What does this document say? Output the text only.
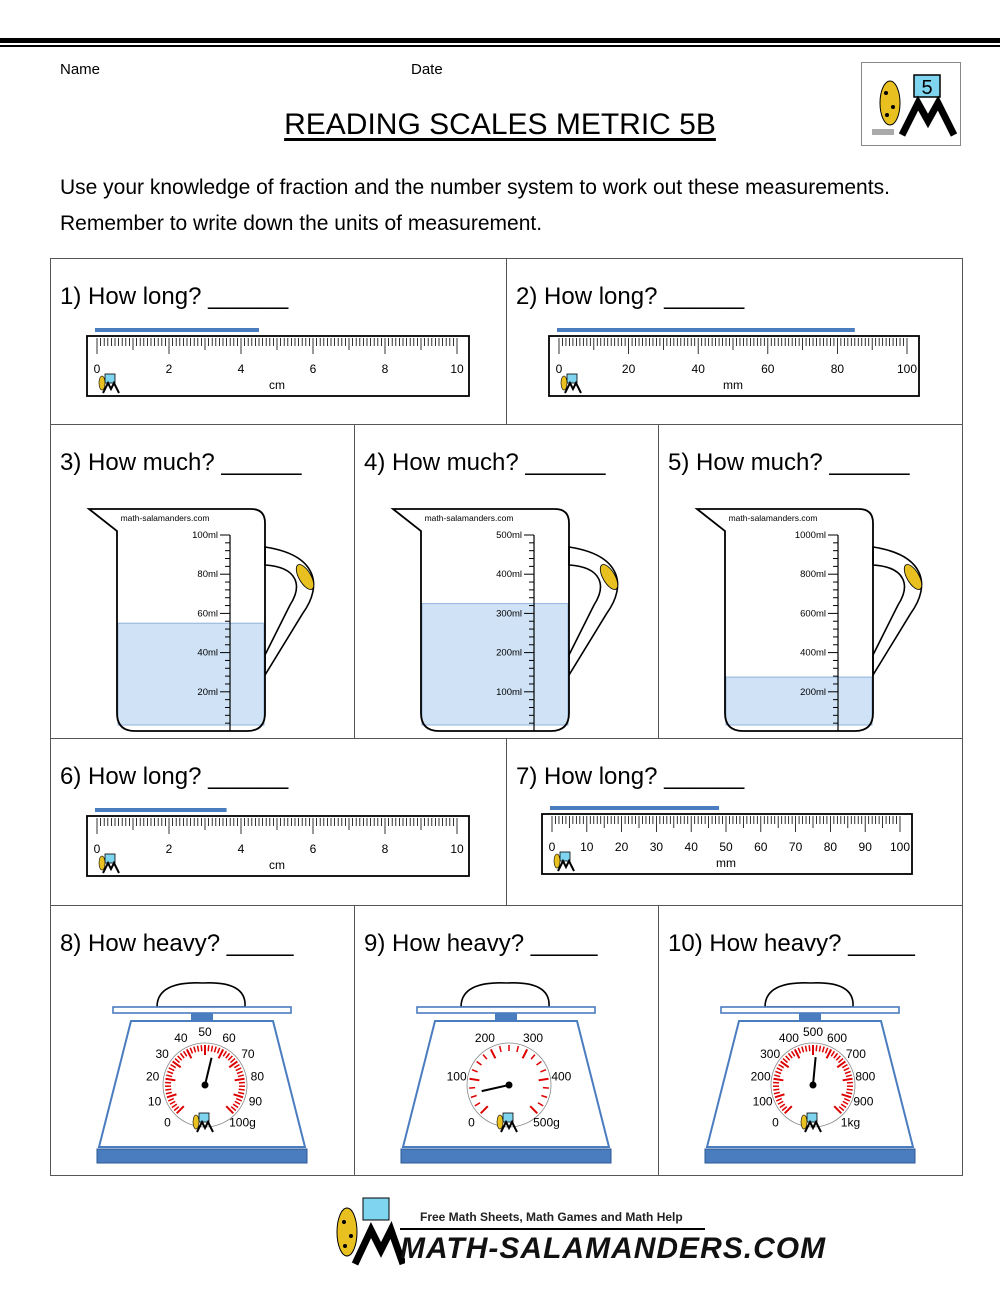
Name	Date
5
READING SCALES METRIC 5B
Use your knowledge of fraction and the number system to work out these measurements. Remember to write down the units of measurement.
1) How long? ______	2) How long? ______
3) How much? ______	4) How much? ______	5) How much? ______
6) How long? ______	7) How long? ______
8) How heavy? _____	9) How heavy? _____	10) How heavy? _____
0	2	4	6	8	10
cm
0	20	40	60	80	100
mm
0	2	4	6	8	10
cm
0 10 20 30 40 50 60 70 80 90 100
mm
math-salamanders.com
100ml
80ml
60ml
40ml
20ml
math-salamanders.com
500ml
400ml
300ml
200ml
100ml
math-salamanders.com
1000ml
800ml
600ml
400ml
200ml
0
10
20
30
40 50 60
70
80
90
100g	0
100
200 300
400
500g	0
100
200
300
400 500 600
700
800
900
1kg
Free Math Sheets, Math Games and Math Help
MATH-SALAMANDERS.COM
